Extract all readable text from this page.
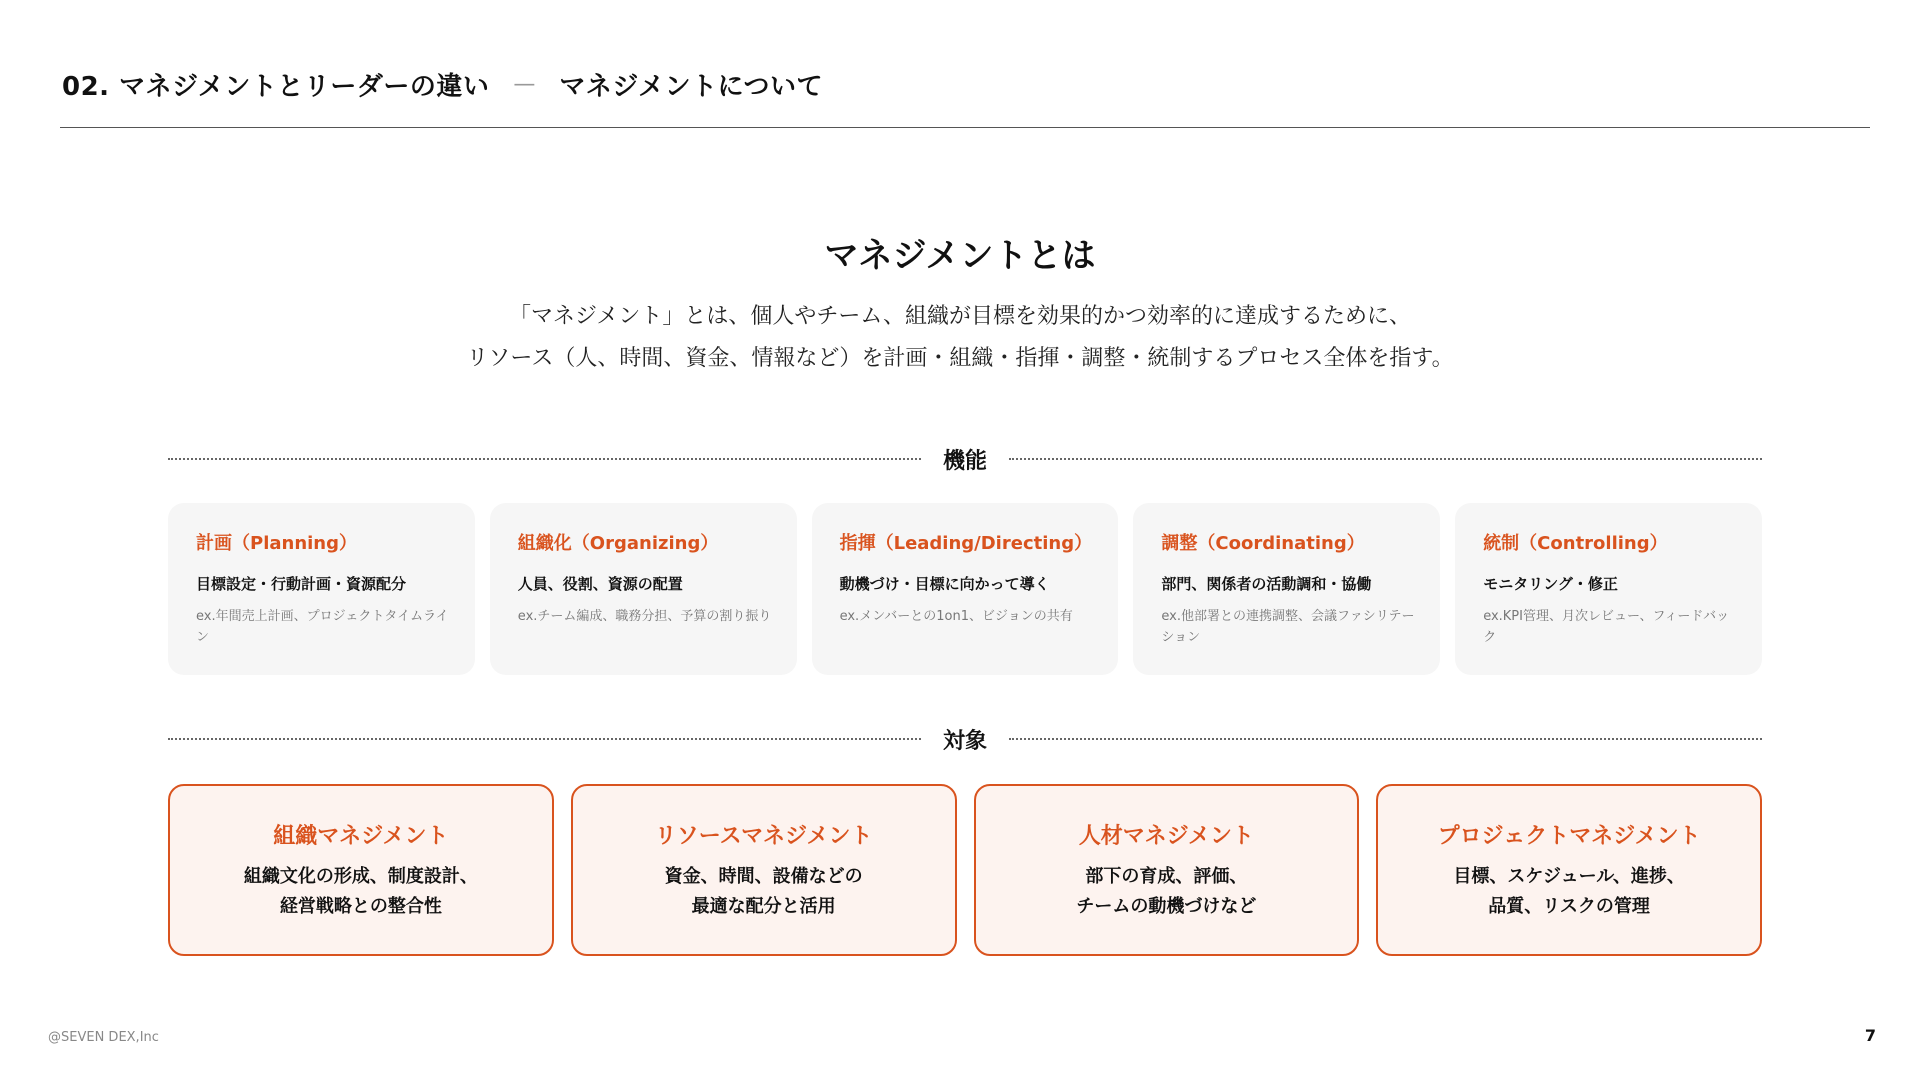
02. マネジメントとリーダーの違い — マネジメントについて
マネジメントとは

「マネジメント」とは、個人やチーム、組織が目標を効果的かつ効率的に達成するために、

リソース（人、時間、資金、情報など）を計画・組織・指揮・調整・統制するプロセス全体を指す。

機能
計画（Planning）
目標設定・行動計画・資源配分
ex.年間売上計画、プロジェクトタイムライン
組織化（Organizing）
人員、役割、資源の配置
ex.チーム編成、職務分担、予算の割り振り
指揮（Leading/Directing）
動機づけ・目標に向かって導く
ex.メンバーとの1on1、ビジョンの共有
調整（Coordinating）
部門、関係者の活動調和・協働
ex.他部署との連携調整、会議ファシリテーション
統制（Controlling）
モニタリング・修正
ex.KPI管理、月次レビュー、フィードバック
対象
組織マネジメント
組織文化の形成、制度設計、
経営戦略との整合性
リソースマネジメント
資金、時間、設備などの
最適な配分と活用
人材マネジメント
部下の育成、評価、
チームの動機づけなど
プロジェクトマネジメント
目標、スケジュール、進捗、
品質、リスクの管理
@SEVEN DEX,Inc	7
